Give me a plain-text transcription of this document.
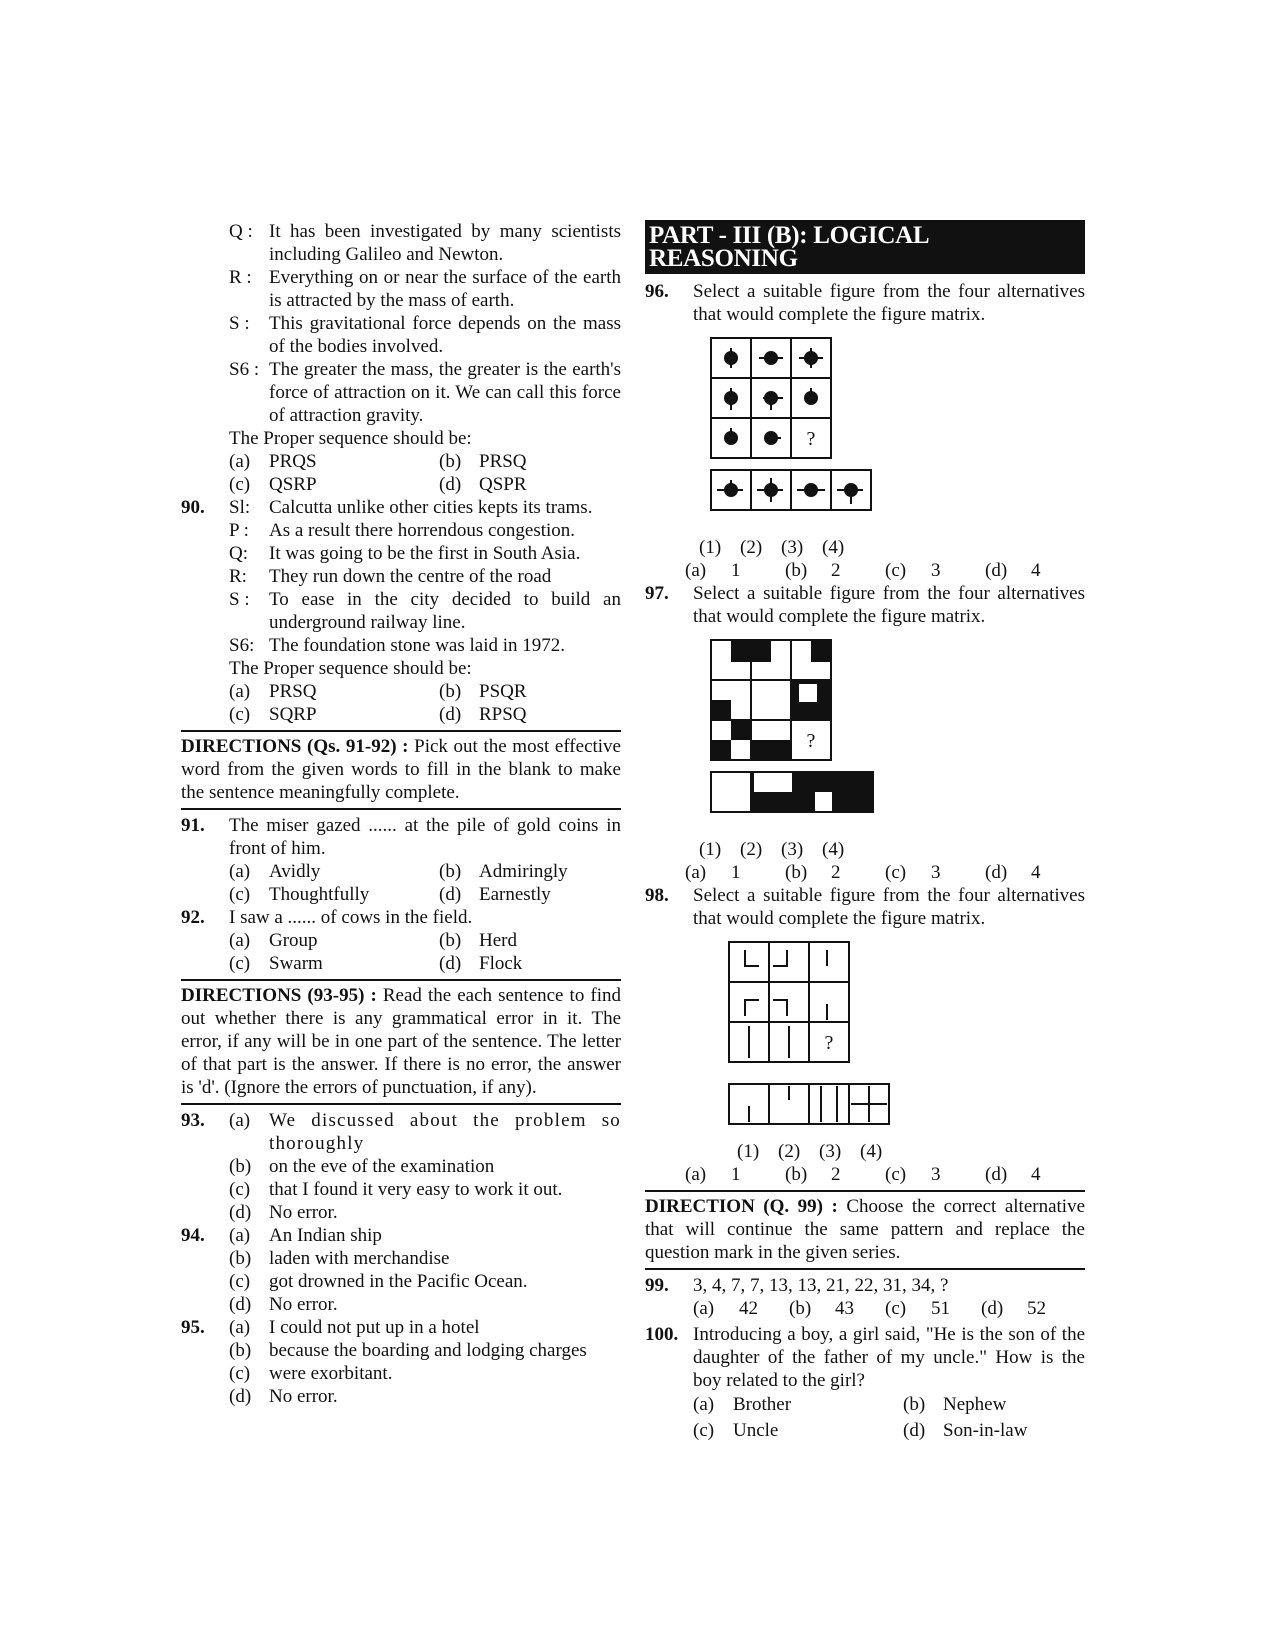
Q : It has been investigated by many scientists including Galileo and Newton.
R : Everything on or near the surface of the earth is attracted by the mass of earth.
S :	This gravitational force depends on the mass of the bodies involved.
S6 : The greater the mass, the greater is the earth's force of attraction on it. We can call this force of attraction gravity.
The Proper sequence should be:
(a) PRQS	(b) PRSQ
(c) QSRP	(d) QSPR
90.	Sl: Calcutta unlike other cities kepts its trams.
P :	As a result there horrendous congestion.
Q:	It was going to be the first in South Asia.
R:	They run down the centre of the road
S :	To ease in the city decided to build an underground railway line.
S6: The foundation stone was laid in 1972.
The Proper sequence should be:
(a) PRSQ	(b) PSQR
(c) SQRP	(d) RPSQ
DIRECTIONS (Qs. 91-92) : Pick out the most effective word from the given words to fill in the blank to make the sentence meaningfully complete.
91.	The miser gazed ...... at the pile of gold coins in front of him.
(a) Avidly	(b) Admiringly
(c) Thoughtfully	(d) Earnestly
92.	I saw a ...... of cows in the field.
(a) Group	(b) Herd
(c) Swarm	(d) Flock
DIRECTIONS (93-95) : Read the each sentence to find out whether there is any grammatical error in it. The error, if any will be in one part of the sentence. The letter of that part is the answer. If there is no error, the answer is 'd'. (Ignore the errors of punctuation, if any).
93.	(a) We discussed about the problem so thoroughly
(b) on the eve of the examination
(c) that I found it very easy to work it out.
(d) No error.
94.	(a) An Indian ship
(b) laden with merchandise
(c) got drowned in the Pacific Ocean.
(d) No error.
95.	(a) I could not put up in a hotel
(b) because the boarding and lodging charges
(c) were exorbitant.
(d) No error.
PART - III (B): LOGICAL REASONING
96.	Select a suitable figure from the four alternatives that would complete the figure matrix.
?
(1) (2) (3) (4)
(a)	1 (b)	2 (c)	3 (d)	4
97.	Select a suitable figure from the four alternatives that would complete the figure matrix.
?
(1) (2) (3) (4)
(a)	1 (b)	2 (c)	3 (d)	4
98.	Select a suitable figure from the four alternatives that would complete the figure matrix.
?
(1) (2) (3) (4)
(a)	1 (b)	2 (c)	3 (d)	4
DIRECTION (Q. 99) : Choose the correct alternative that will continue the same pattern and replace the question mark in the given series.
99.	3, 4, 7, 7, 13, 13, 21, 22, 31, 34, ?
(a)	42 (b)	43 (c)	51 (d)	52
100. Introducing a boy, a girl said, "He is the son of the daughter of the father of my uncle." How is the boy related to the girl?
(a) Brother	(b) Nephew
(c) Uncle	(d) Son-in-law
